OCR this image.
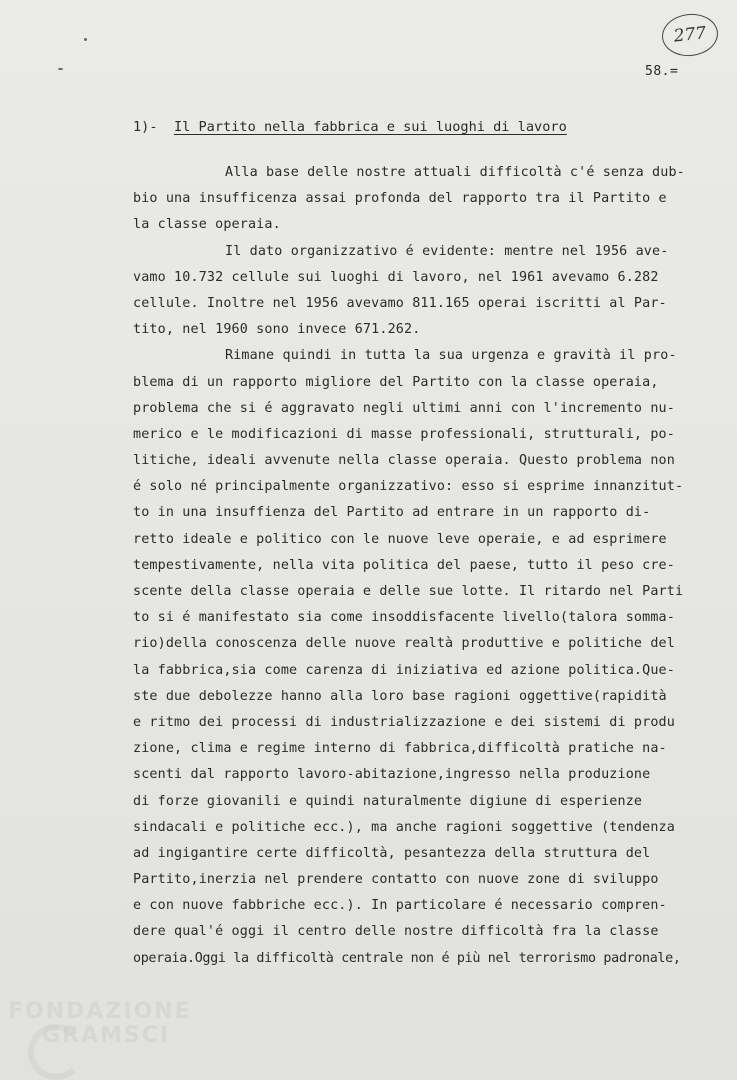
277
58.=
1)- Il Partito nella fabbrica e sui luoghi di lavoro
Alla base delle nostre attuali difficoltà c'é senza dub-
bio una insufficenza assai profonda del rapporto tra il Partito e
la classe operaia.
Il dato organizzativo é evidente: mentre nel 1956 ave-
vamo 10.732 cellule sui luoghi di lavoro, nel 1961 avevamo 6.282
cellule. Inoltre nel 1956 avevamo 811.165 operai iscritti al Par-
tito, nel 1960 sono invece 671.262.
Rimane quindi in tutta la sua urgenza e gravità il pro-
blema di un rapporto migliore del Partito con la classe operaia,
problema che si é aggravato negli ultimi anni con l'incremento nu-
merico e le modificazioni di masse professionali, strutturali, po-
litiche, ideali avvenute nella classe operaia. Questo problema non
é solo né principalmente organizzativo: esso si esprime innanzitut-
to in una insuffienza del Partito ad entrare in un rapporto di-
retto ideale e politico con le nuove leve operaie, e ad esprimere
tempestivamente, nella vita politica del paese, tutto il peso cre-
scente della classe operaia e delle sue lotte. Il ritardo nel Parti
to si é manifestato sia come insoddisfacente livello(talora somma-
rio)della conoscenza delle nuove realtà produttive e politiche del
la fabbrica,sia come carenza di iniziativa ed azione politica.Que-
ste due debolezze hanno alla loro base ragioni oggettive(rapidità
e ritmo dei processi di industrializzazione e dei sistemi di produ
zione, clima e regime interno di fabbrica,difficoltà pratiche na-
scenti dal rapporto lavoro-abitazione,ingresso nella produzione
di forze giovanili e quindi naturalmente digiune di esperienze
sindacali e politiche ecc.), ma anche ragioni soggettive (tendenza
ad ingigantire certe difficoltà, pesantezza della struttura del
Partito,inerzia nel prendere contatto con nuove zone di sviluppo
e con nuove fabbriche ecc.). In particolare é necessario compren-
dere qual'é oggi il centro delle nostre difficoltà fra la classe
operaia.Oggi la difficoltà centrale non é più nel terrorismo padronale,
FONDAZIONE
GRAMSCI
